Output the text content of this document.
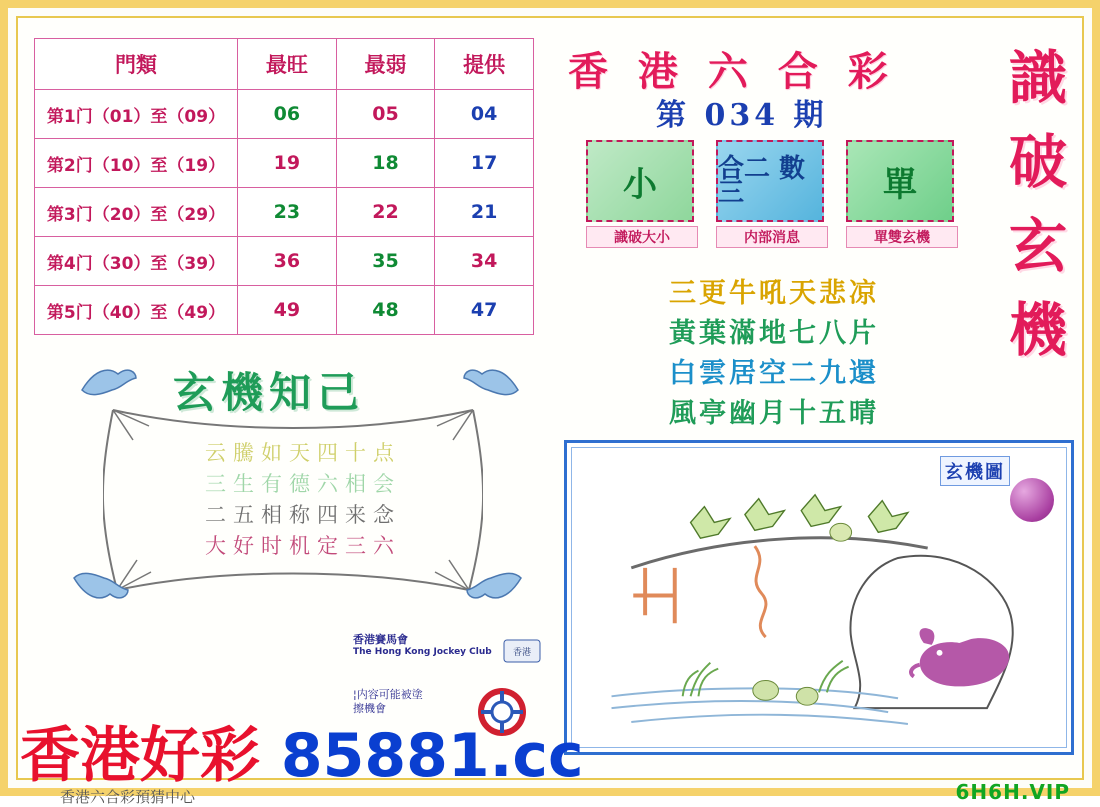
門類	最旺	最弱	提供
第1门（01）至（09）	06	05	04
第2门（10）至（19）	19	18	17
第3门（20）至（29）	23	22	21
第4门（30）至（39）	36	35	34
第5门（40）至（49）	49	48	47
玄機知己
云騰如天四十点
三生有德六相会
二五相称四来念
大好时机定三六
香港賽馬會
The Hong Kong Jockey Club 香港
¦内容可能被塗
擦機會
香 港 六 合 彩
第 034 期
識
破
玄
機
小
識破大小
合二 數三
内部消息
單
單雙玄機
三更牛吼天悲凉
黃葉滿地七八片
白雲居空二九還
風亭幽月十五晴
玄機圖
香港好彩 85881.cc
香港六合彩預猜中心	6H6H.VIP
